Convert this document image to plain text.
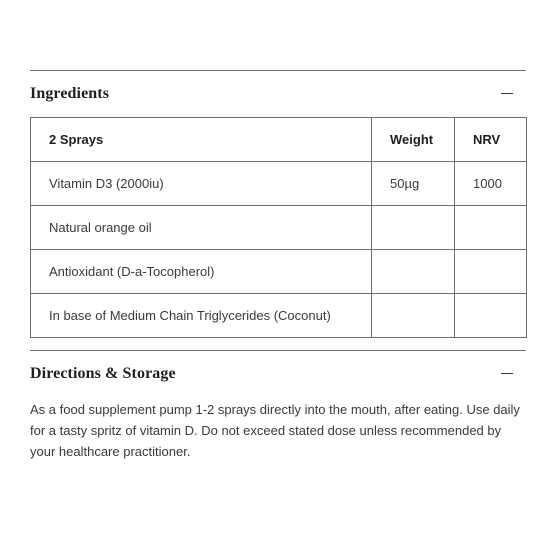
Ingredients
2 Sprays	Weight	NRV
Vitamin D3 (2000iu)	50µg	1000
Natural orange oil		
Antioxidant (D-a-Tocopherol)		
In base of Medium Chain Triglycerides (Coconut)		
Directions & Storage
As a food supplement pump 1-2 sprays directly into the mouth, after eating. Use daily for a tasty spritz of vitamin D. Do not exceed stated dose unless recommended by your healthcare practitioner.
